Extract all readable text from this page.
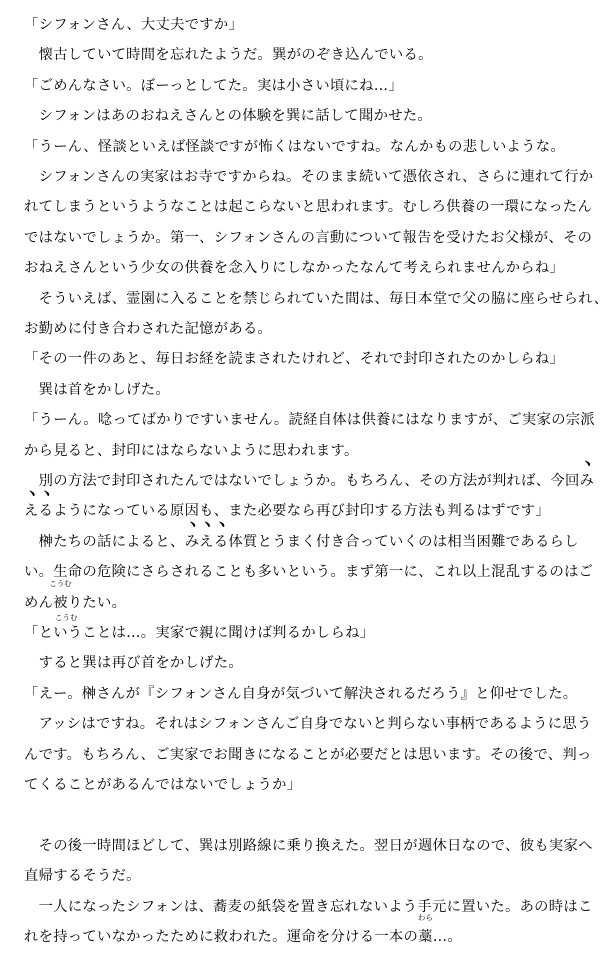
こうむ
「シフォンさん、大丈夫ですか」
　懐古していて時間を忘れたようだ。巽がのぞき込んでいる。
「ごめんなさい。ぼーっとしてた。実は小さい頃にね…」
　シフォンはあのおねえさんとの体験を巽に話して聞かせた。
「うーん、怪談といえば怪談ですが怖くはないですね。なんかもの悲しいような。
　シフォンさんの実家はお寺ですからね。そのまま続いて憑依され、さらに連れて行か
れてしまうというようなことは起こらないと思われます。むしろ供養の一環になったん
ではないでしょうか。第一、シフォンさんの言動について報告を受けたお父様が、その
おねえさんという少女の供養を念入りにしなかったなんて考えられませんからね」
　そういえば、霊園に入ることを禁じられていた間は、毎日本堂で父の脇に座らせられ、
お勤めに付き合わされた記憶がある。
「その一件のあと、毎日お経を読まされたけれど、それで封印されたのかしらね」
　巽は首をかしげた。
「うーん。唸ってばかりですいません。読経自体は供養にはなりますが、ご実家の宗派
から見ると、封印にはならないように思われます。
　別の方法で封印されたんではないでしょうか。もちろん、その方法が判れば、今回み
﹅
え
﹅
る
﹅
ようになっている原因も、また必要なら再び封印する方法も判るはずです」
　榊たちの話によると、み
﹅
え
﹅
る
﹅
体質とうまく付き合っていくのは相当困難であるらし
い。生命の危険にさらされることも多いという。まず第一に、これ以上混乱するのはご
めん被
こうむ
りたい。
「ということは…。実家で親に聞けば判るかしらね」
　すると巽は再び首をかしげた。
「えー。榊さんが『シフォンさん自身が気づいて解決されるだろう』と仰せでした。
　アッシはですね。それはシフォンさんご自身でないと判らない事柄であるように思う
んです。もちろん、ご実家でお聞きになることが必要だとは思います。その後で、判っ
てくることがあるんではないでしょうか」
　その後一時間ほどして、巽は別路線に乗り換えた。翌日が週休日なので、彼も実家へ
直帰するそうだ。
　一人になったシフォンは、蕎麦の紙袋を置き忘れないよう手元に置いた。あの時はこ
れを持っていなかったために救われた。運命を分ける一本の藁
わら
…。
